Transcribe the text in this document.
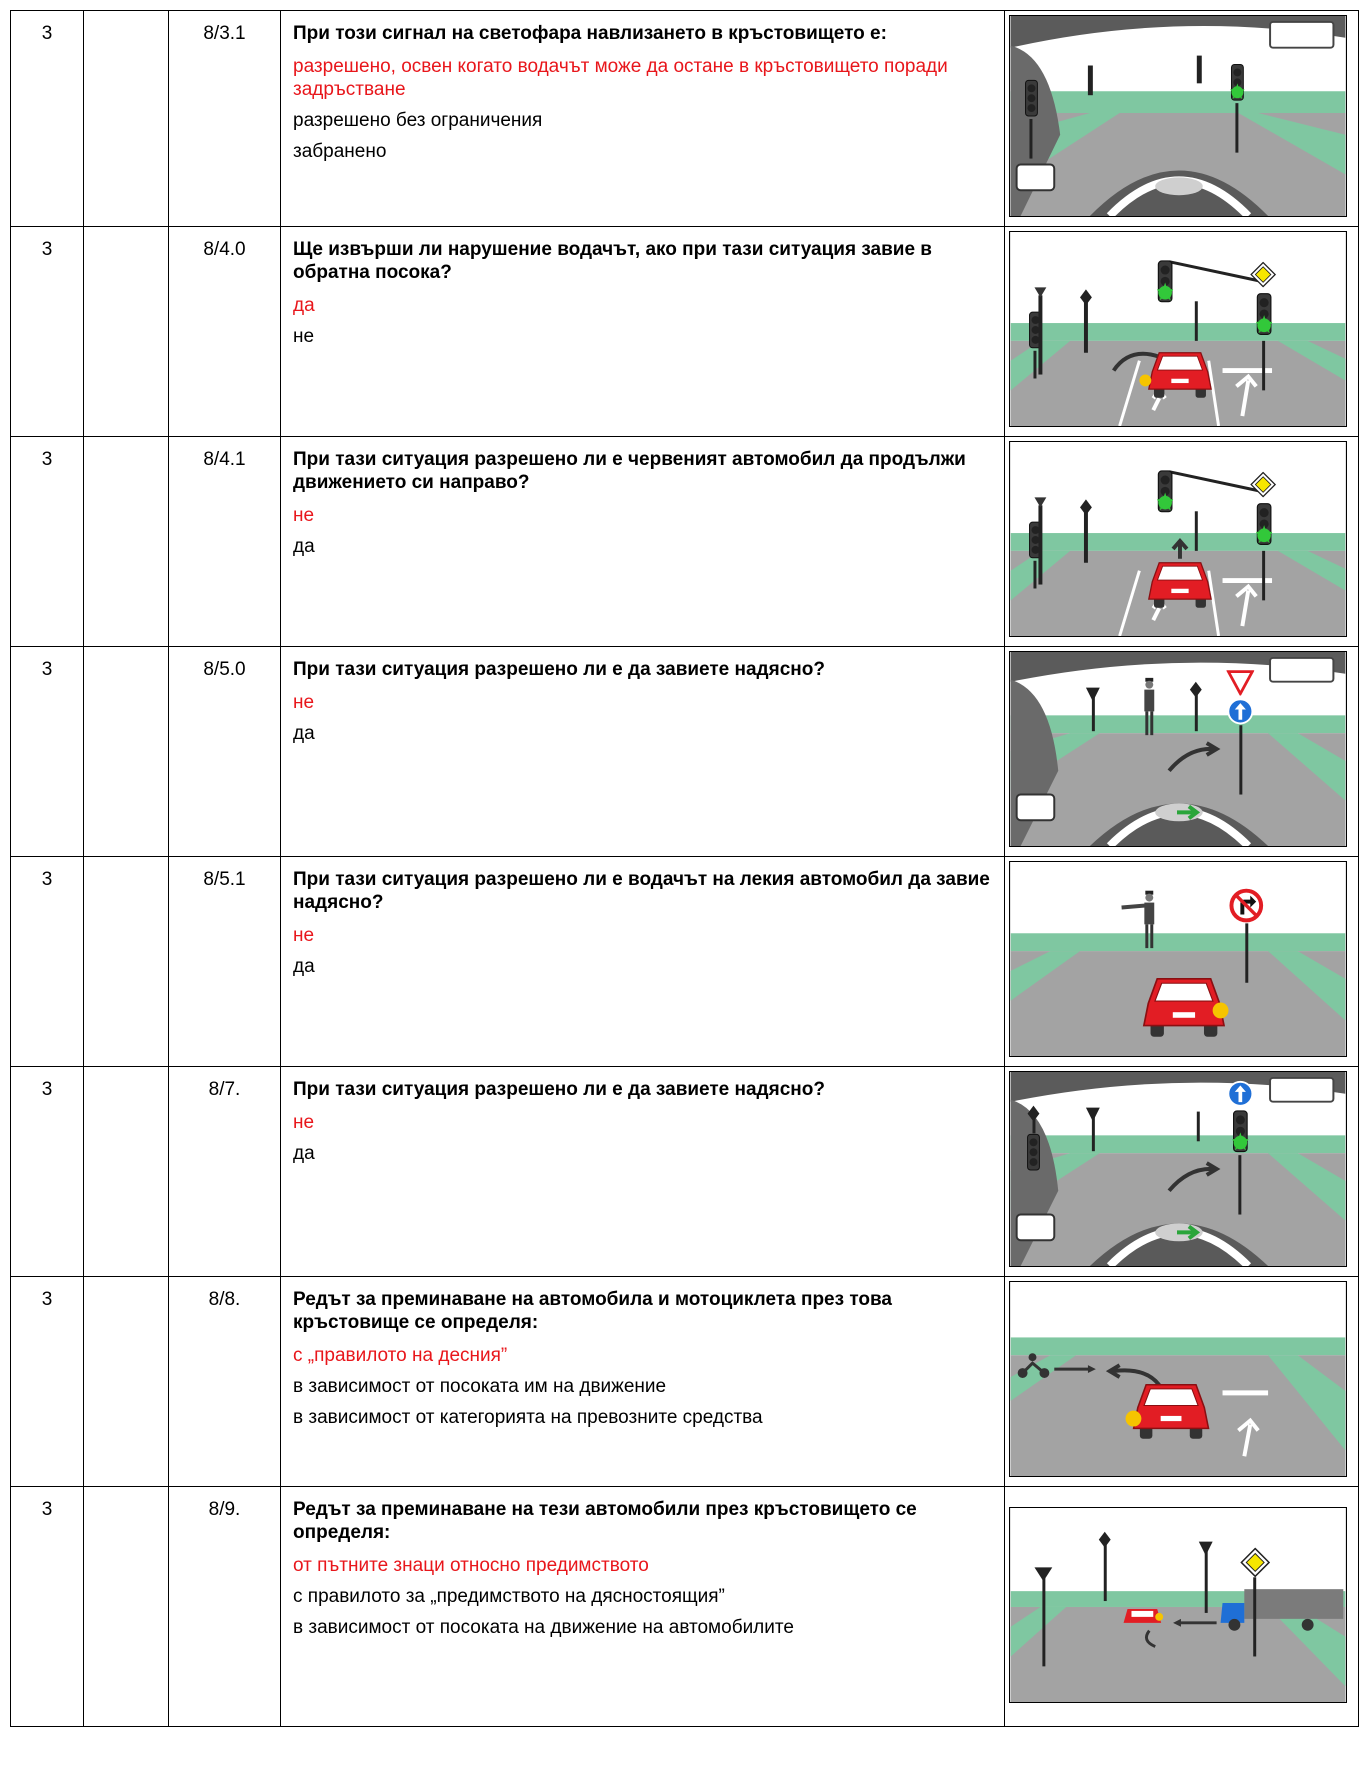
3		8/3.1	При този сигнал на светофара навлизането в кръстовището е:
разрешено, освен когато водачът може да остане в кръстовището поради задръстване
разрешено без ограничения
забранено

3		8/4.0	Ще извърши ли нарушение водачът, ако при тази ситуация завие в обратна посока?
да
не

3		8/4.1	При тази ситуация разрешено ли е червеният автомобил да продължи движението си направо?
не
да

3		8/5.0	При тази ситуация разрешено ли е да завиете надясно?
не
да

3		8/5.1	При тази ситуация разрешено ли е водачът на лекия автомобил да завие надясно?
не
да

3		8/7.	При тази ситуация разрешено ли е да завиете надясно?
не
да

3		8/8.	Редът за преминаване на автомобила и мотоциклета през това кръстовище се определя:
с „правилото на десния”
в зависимост от посоката им на движение
в зависимост от категорията на превозните средства

3		8/9.	Редът за преминаване на тези автомобили през кръстовището се определя:
от пътните знаци относно предимството
с правилото за „предимството на дясностоящия”
в зависимост от посоката на движение на автомобилите
